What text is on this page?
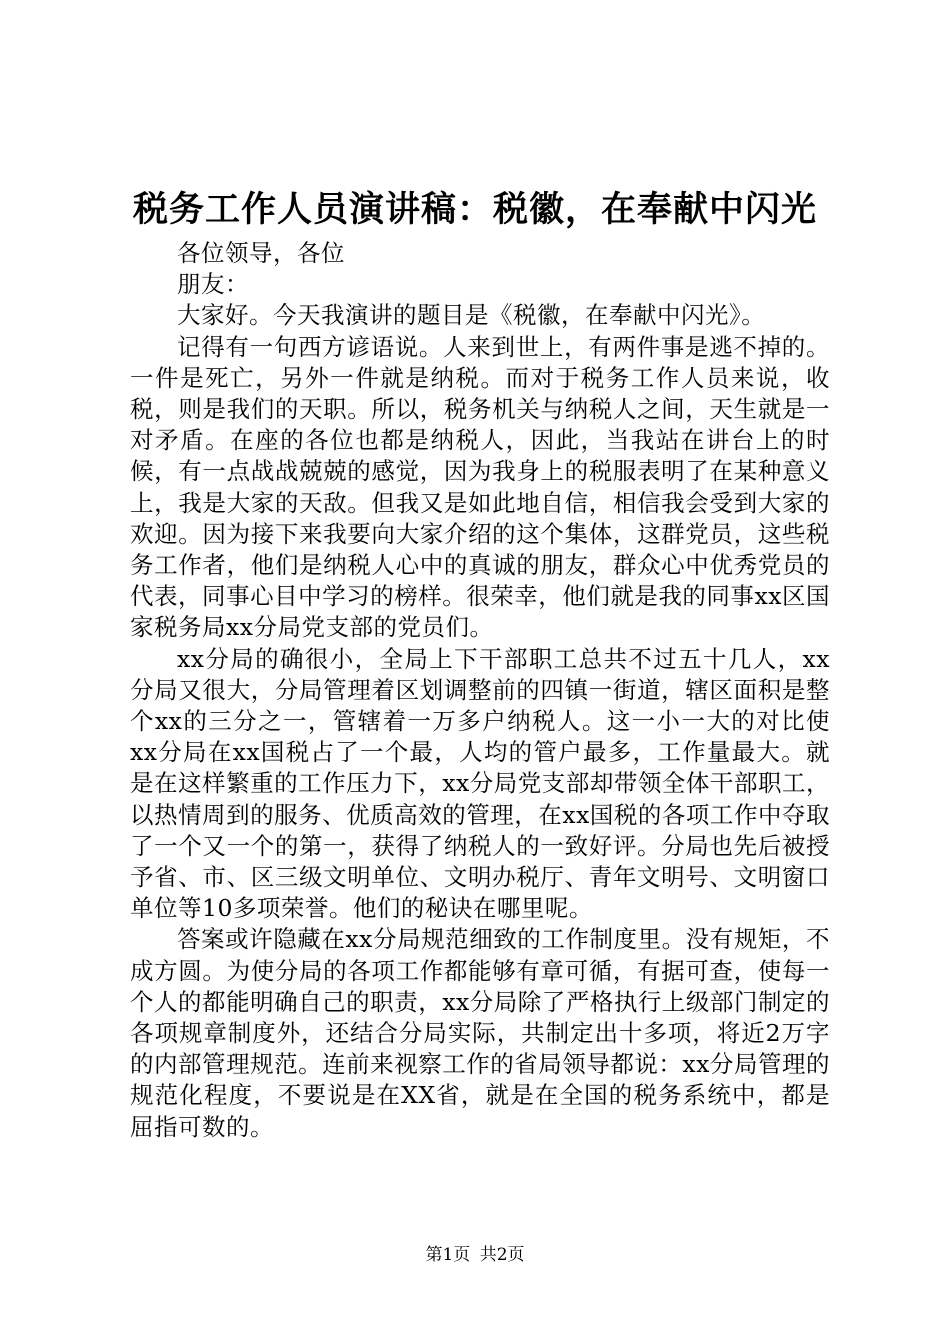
税务工作人员演讲稿：税徽，在奉献中闪光

各位领导，各位

朋友：

大家好。今天我演讲的题目是《税徽，在奉献中闪光》。

记得有一句西方谚语说。人来到世上，有两件事是逃不掉的。一件是死亡，另外一件就是纳税。而对于税务工作人员来说，收税，则是我们的天职。所以，税务机关与纳税人之间，天生就是一对矛盾。在座的各位也都是纳税人，因此，当我站在讲台上的时候，有一点战战兢兢的感觉，因为我身上的税服表明了在某种意义上，我是大家的天敌。但我又是如此地自信，相信我会受到大家的欢迎。因为接下来我要向大家介绍的这个集体，这群党员，这些税务工作者，他们是纳税人心中的真诚的朋友，群众心中优秀党员的代表，同事心目中学习的榜样。很荣幸，他们就是我的同事xx区国家税务局xx分局党支部的党员们。

xx分局的确很小，全局上下干部职工总共不过五十几人，xx分局又很大，分局管理着区划调整前的四镇一街道，辖区面积是整个xx的三分之一，管辖着一万多户纳税人。这一小一大的对比使xx分局在xx国税占了一个最，人均的管户最多，工作量最大。就是在这样繁重的工作压力下，xx分局党支部却带领全体干部职工，以热情周到的服务、优质高效的管理，在xx国税的各项工作中夺取了一个又一个的第一，获得了纳税人的一致好评。分局也先后被授予省、市、区三级文明单位、文明办税厅、青年文明号、文明窗口单位等10多项荣誉。他们的秘诀在哪里呢。

答案或许隐藏在xx分局规范细致的工作制度里。没有规矩，不成方圆。为使分局的各项工作都能够有章可循，有据可查，使每一个人的都能明确自己的职责，xx分局除了严格执行上级部门制定的各项规章制度外，还结合分局实际，共制定出十多项，将近2万字的内部管理规范。连前来视察工作的省局领导都说：xx分局管理的规范化程度，不要说是在XX省，就是在全国的税务系统中，都是屈指可数的。

第1页 共2页
